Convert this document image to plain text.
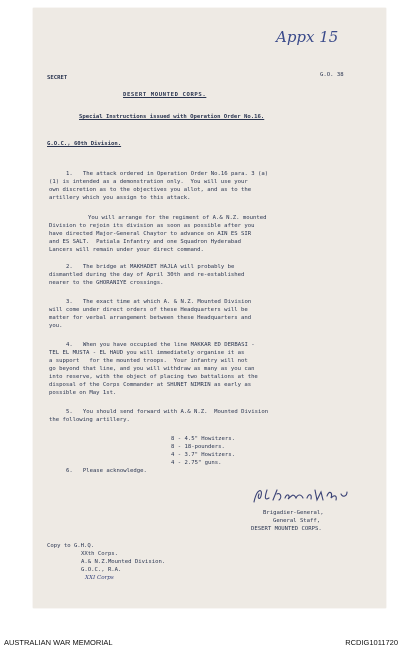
Appx 15
SECRET	G.O. 38
DESERT MOUNTED CORPS.
Special Instructions issued with Operation Order No.16.
G.O.C., 60th Division.
1.   The attack ordered in Operation Order No.16 para. 3 (a)
(1) is intended as a demonstration only.  You will use your
own discretion as to the objectives you allot, and as to the
artillery which you assign to this attack.
You will arrange for the regiment of A.& N.Z. mounted
Division to rejoin its division as soon as possible after you
have directed Major-General Chaytor to advance on AIN ES SIR
and ES SALT.  Patiala Infantry and one Squadron Hyderabad
Lancers will remain under your direct command.
2.   The bridge at MAKHADET HAJLA will probably be
dismantled during the day of April 30th and re-established
nearer to the GHORANIYE crossings.
3.   The exact time at which A. & N.Z. Mounted Division
will come under direct orders of these Headquarters will be
matter for verbal arrangement between these Headquarters and
you.
4.   When you have occupied the line MAKKAR ED DERBASI -
TEL EL MUSTA - EL HAUD you will immediately organise it as
a support   for the mounted troops.  Your infantry will not
go beyond that line, and you will withdraw as many as you can
into reserve, with the object of placing two battalions at the
disposal of the Corps Commander at SHUNET NIMRIN as early as
possible on May 1st.
5.   You should send forward with A.& N.Z.  Mounted Division
the following artillery.
8 - 4.5" Howitzers.
8 - 18-pounders.
4 - 3.7" Howitzers.
4 - 2.75" guns.
6.   Please acknowledge.
Brigadier-General,
General Staff,
DESERT MOUNTED CORPS.
Copy to G.H.Q.
XXth Corps.
A.& N.Z.Mounted Division.
G.O.C., R.A.
XXI Corps
AUSTRALIAN WAR MEMORIAL	RCDIG1011720
